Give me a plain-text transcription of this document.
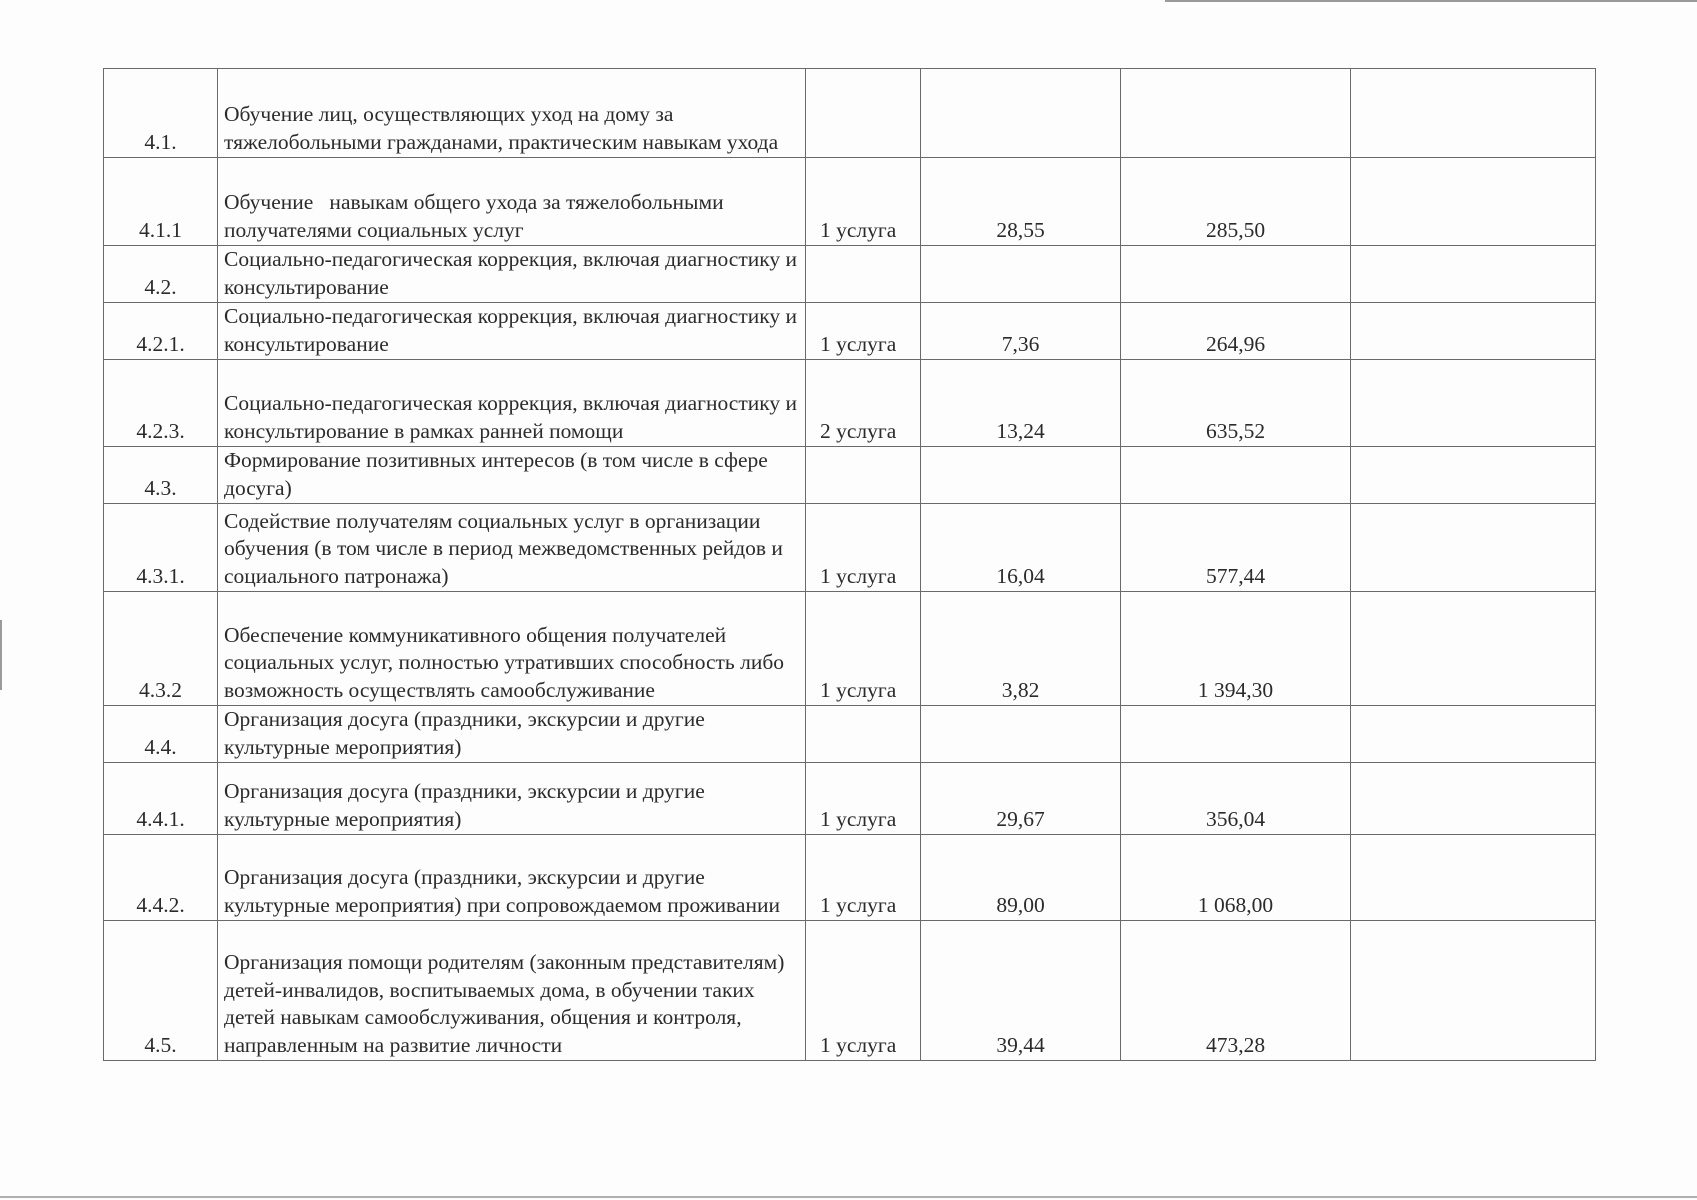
4.1.	Обучение лиц, осуществляющих уход на дому за тяжелобольными гражданами, практическим навыкам ухода				
4.1.1	Обучение   навыкам общего ухода за тяжелобольными получателями социальных услуг	1 услуга	28,55	285,50	
4.2.	Социально-педагогическая коррекция, включая диагностику и консультирование				
4.2.1.	Социально-педагогическая коррекция, включая диагностику и консультирование	1 услуга	7,36	264,96	
4.2.3.	Социально-педагогическая коррекция, включая диагностику и консультирование в рамках ранней помощи	2 услуга	13,24	635,52	
4.3.	Формирование позитивных интересов (в том числе в сфере досуга)				
4.3.1.	Содействие получателям социальных услуг в организации обучения (в том числе в период межведомственных рейдов и социального патронажа)	1 услуга	16,04	577,44	
4.3.2	Обеспечение коммуникативного общения получателей социальных услуг, полностью утративших способность либо возможность осуществлять самообслуживание	1 услуга	3,82	1 394,30	
4.4.	Организация досуга (праздники, экскурсии и другие культурные мероприятия)				
4.4.1.	Организация досуга (праздники, экскурсии и другие культурные мероприятия)	1 услуга	29,67	356,04	
4.4.2.	Организация досуга (праздники, экскурсии и другие культурные мероприятия) при сопровождаемом проживании	1 услуга	89,00	1 068,00	
4.5.	Организация помощи родителям (законным представителям) детей-инвалидов, воспитываемых дома, в обучении таких детей навыкам самообслуживания, общения и контроля, направленным на развитие личности	1 услуга	39,44	473,28	
